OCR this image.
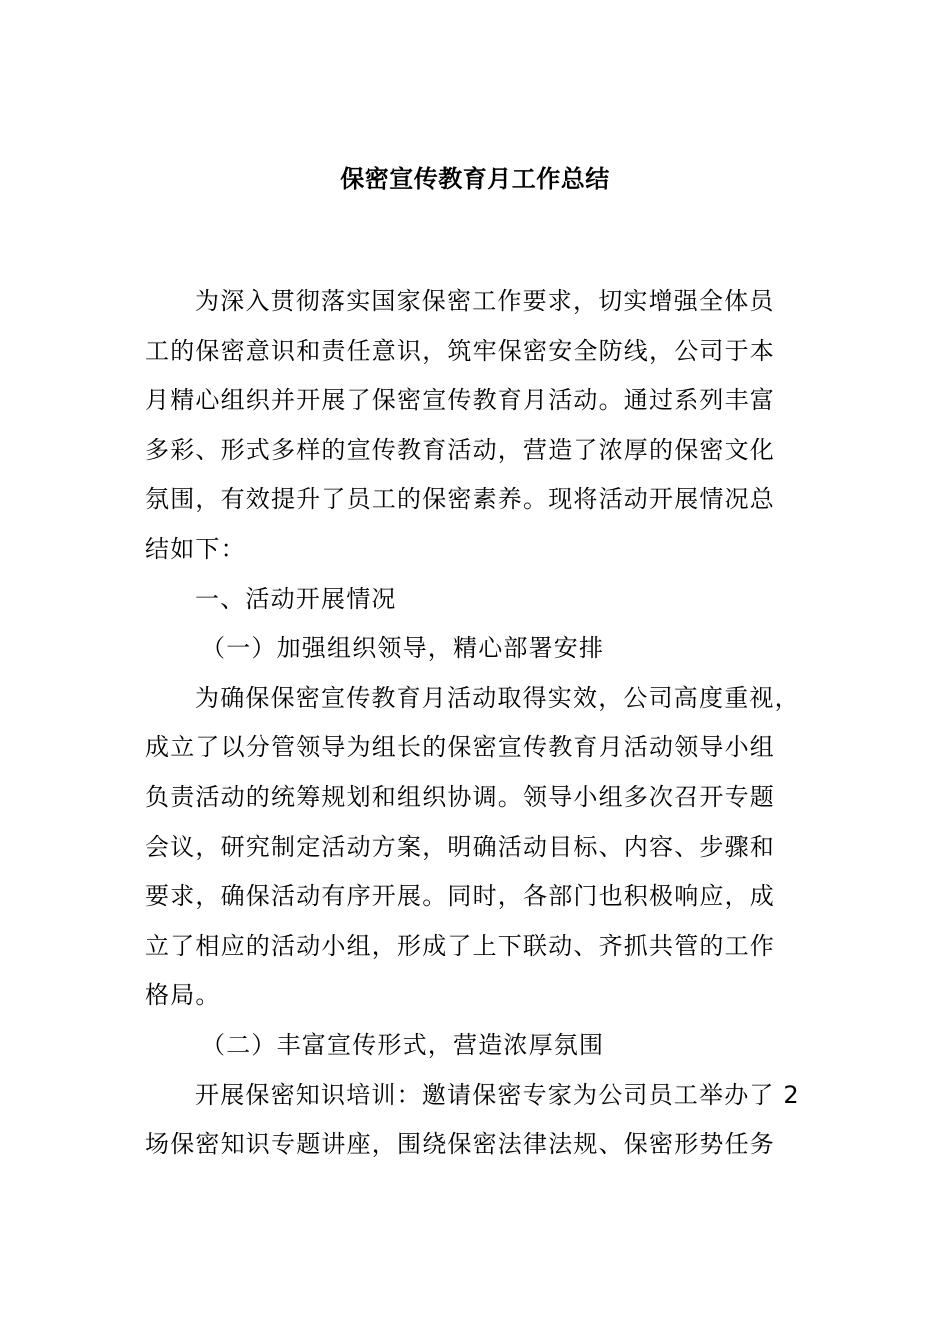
保密宣传教育月工作总结
为深入贯彻落实国家保密工作要求，切实增强全体员
工的保密意识和责任意识，筑牢保密安全防线，公司于本
月精心组织并开展了保密宣传教育月活动。通过系列丰富
多彩、形式多样的宣传教育活动，营造了浓厚的保密文化
氛围，有效提升了员工的保密素养。现将活动开展情况总
结如下：
一、活动开展情况
（一）加强组织领导，精心部署安排
为确保保密宣传教育月活动取得实效，公司高度重视，
成立了以分管领导为组长的保密宣传教育月活动领导小组
负责活动的统筹规划和组织协调。领导小组多次召开专题
会议，研究制定活动方案，明确活动目标、内容、步骤和
要求，确保活动有序开展。同时，各部门也积极响应，成
立了相应的活动小组，形成了上下联动、齐抓共管的工作
格局。
（二）丰富宣传形式，营造浓厚氛围
开展保密知识培训：邀请保密专家为公司员工举办了 2
场保密知识专题讲座，围绕保密法律法规、保密形势任务
